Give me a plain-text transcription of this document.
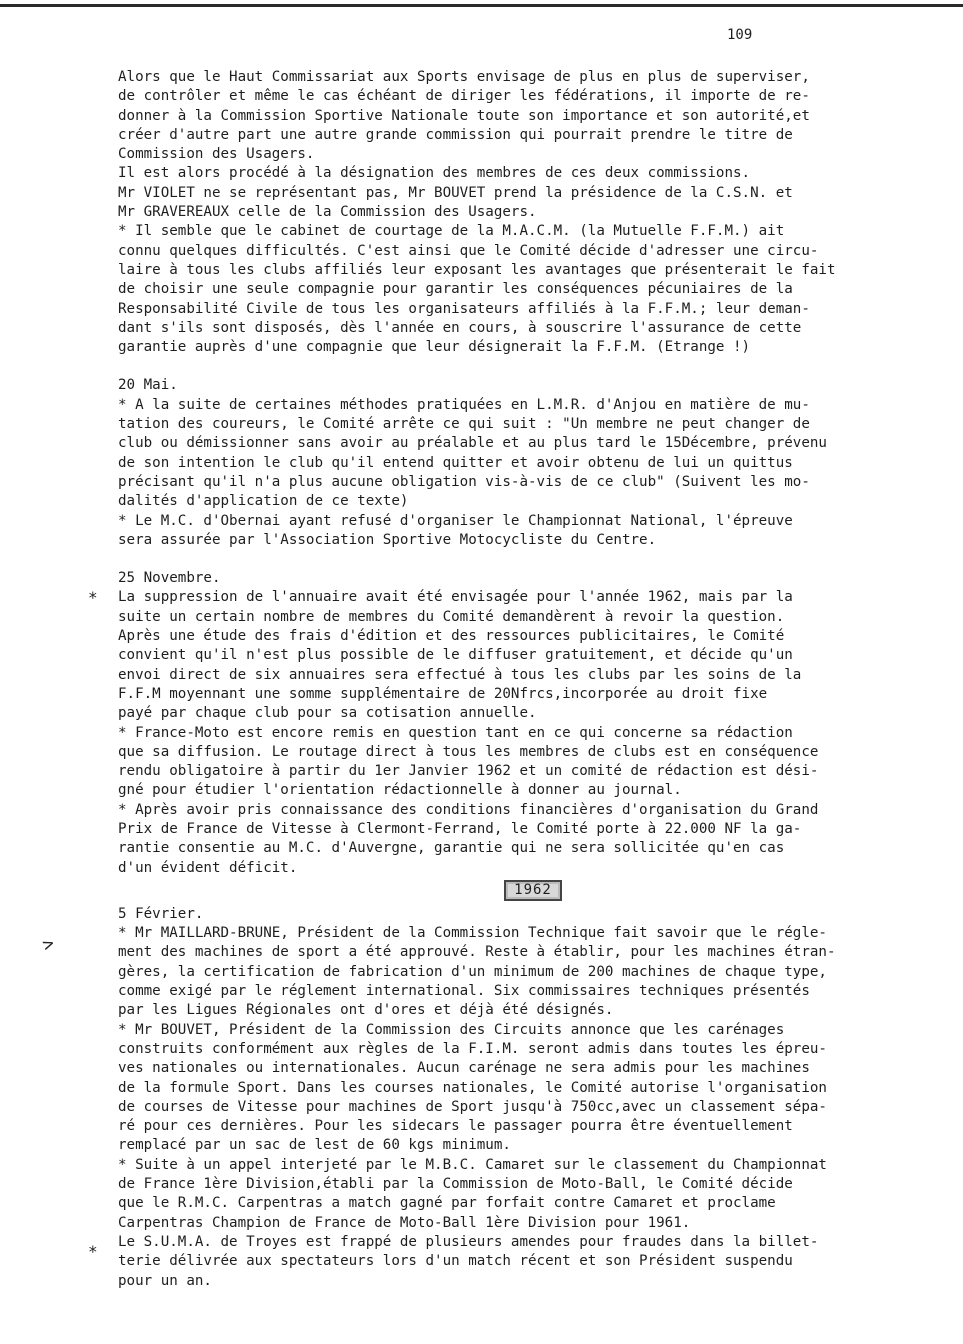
109
*
>
*

Alors que le Haut Commissariat aux Sports envisage de plus en plus de superviser,
de contrôler et même le cas échéant de diriger les fédérations, il importe de re-
donner à la Commission Sportive Nationale toute son importance et son autorité,et
créer d'autre part une autre grande commission qui pourrait prendre le titre de
Commission des Usagers.

Il est alors procédé à la désignation des membres de ces deux commissions.
Mr VIOLET ne se représentant pas, Mr BOUVET prend la présidence de la C.S.N. et
Mr GRAVEREAUX celle de la Commission des Usagers.

* Il semble que le cabinet de courtage de la M.A.C.M. (la Mutuelle F.F.M.) ait
connu quelques difficultés. C'est ainsi que le Comité décide d'adresser une circu-
laire à tous les clubs affiliés leur exposant les avantages que présenterait le fait
de choisir une seule compagnie pour garantir les conséquences pécuniaires de la
Responsabilité Civile de tous les organisateurs affiliés à la F.F.M.; leur deman-
dant s'ils sont disposés, dès l'année en cours, à souscrire l'assurance de cette
garantie auprès d'une compagnie que leur désignerait la F.F.M. (Etrange !)

20 Mai.

* A la suite de certaines méthodes pratiquées en L.M.R. d'Anjou en matière de mu-
tation des coureurs, le Comité arrête ce qui suit : "Un membre ne peut changer de
club ou démissionner sans avoir au préalable et au plus tard le 15Décembre, prévenu
de son intention le club qu'il entend quitter et avoir obtenu de lui un quittus
précisant qu'il n'a plus aucune obligation vis-à-vis de ce club" (Suivent les mo-
dalités d'application de ce texte)

* Le M.C. d'Obernai ayant refusé d'organiser le Championnat National, l'épreuve
sera assurée par l'Association Sportive Motocycliste du Centre.

25 Novembre.

La suppression de l'annuaire avait été envisagée pour l'année 1962, mais par la
suite un certain nombre de membres du Comité demandèrent à revoir la question.
Après une étude des frais d'édition et des ressources publicitaires, le Comité
convient qu'il n'est plus possible de le diffuser gratuitement, et décide qu'un
envoi direct de six annuaires sera effectué à tous les clubs par les soins de la
F.F.M moyennant une somme supplémentaire de 20Nfrcs,incorporée au droit fixe
payé par chaque club pour sa cotisation annuelle.

* France-Moto est encore remis en question tant en ce qui concerne sa rédaction
que sa diffusion. Le routage direct à tous les membres de clubs est en conséquence
rendu obligatoire à partir du 1er Janvier 1962 et un comité de rédaction est dési-
gné pour étudier l'orientation rédactionnelle à donner au journal.

* Après avoir pris connaissance des conditions financières d'organisation du Grand
Prix de France de Vitesse à Clermont-Ferrand, le Comité porte à 22.000 NF la ga-
rantie consentie au M.C. d'Auvergne, garantie qui ne sera sollicitée qu'en cas
d'un évident déficit.

1962

5 Février.

* Mr MAILLARD-BRUNE, Président de la Commission Technique fait savoir que le régle-
ment des machines de sport a été approuvé. Reste à établir, pour les machines étran-
gères, la certification de fabrication d'un minimum de 200 machines de chaque type,
comme exigé par le réglement international. Six commissaires techniques présentés
par les Ligues Régionales ont d'ores et déjà été désignés.

* Mr BOUVET, Président de la Commission des Circuits annonce que les carénages
construits conformément aux règles de la F.I.M. seront admis dans toutes les épreu-
ves nationales ou internationales. Aucun carénage ne sera admis pour les machines
de la formule Sport. Dans les courses nationales, le Comité autorise l'organisation
de courses de Vitesse pour machines de Sport jusqu'à 750cc,avec un classement sépa-
ré pour ces dernières. Pour les sidecars le passager pourra être éventuellement
remplacé par un sac de lest de 60 kgs minimum.

* Suite à un appel interjeté par le M.B.C. Camaret sur le classement du Championnat
de France 1ère Division,établi par la Commission de Moto-Ball, le Comité décide
que le R.M.C. Carpentras a match gagné par forfait contre Camaret et proclame
Carpentras Champion de France de Moto-Ball 1ère Division pour 1961.

Le S.U.M.A. de Troyes est frappé de plusieurs amendes pour fraudes dans la billet-
terie délivrée aux spectateurs lors d'un match récent et son Président suspendu
pour un an.
